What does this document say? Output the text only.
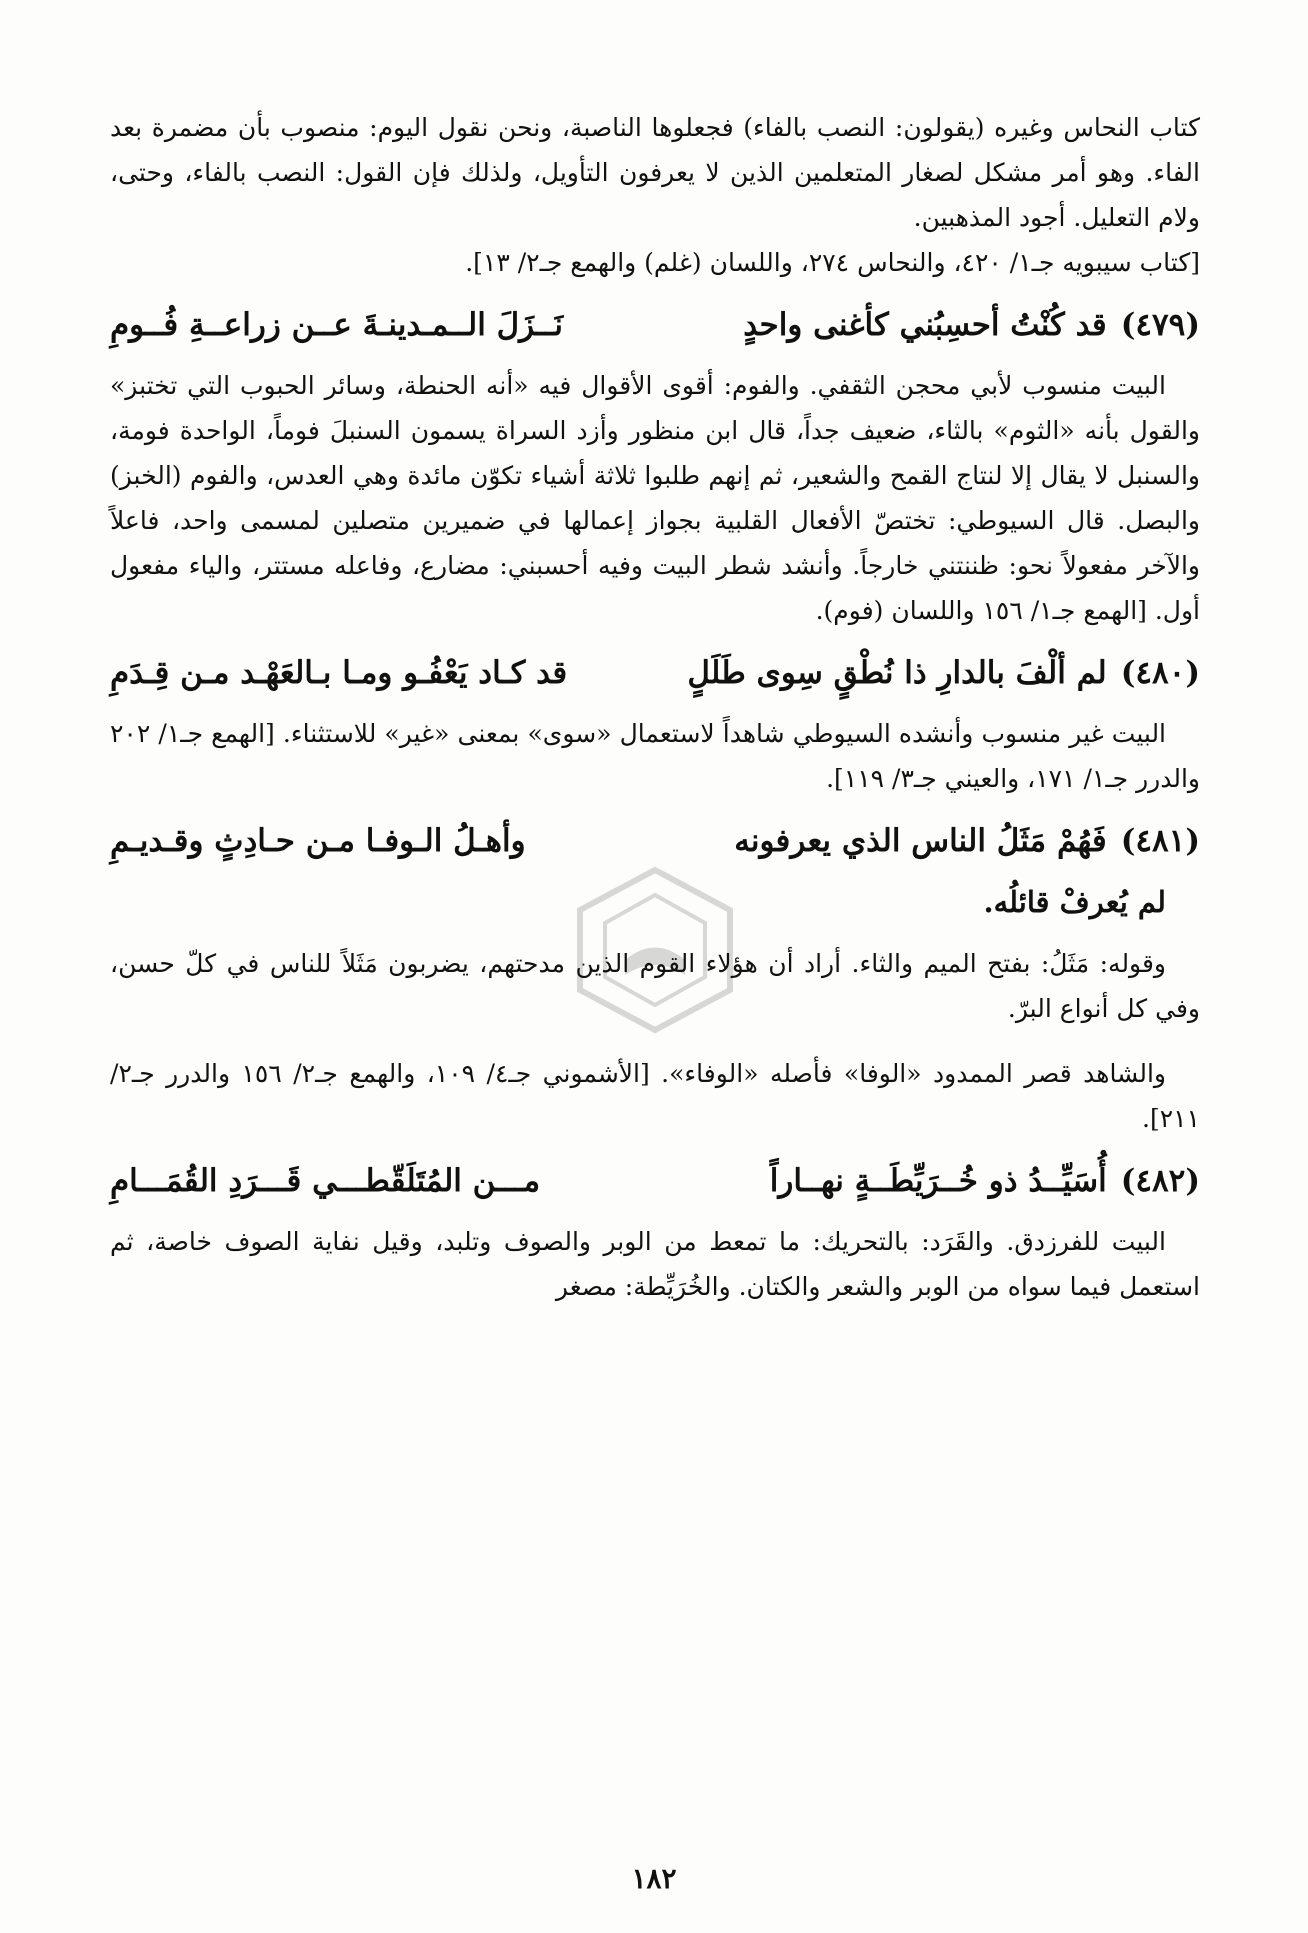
كتاب النحاس وغيره (يقولون: النصب بالفاء) فجعلوها الناصبة، ونحن نقول اليوم: منصوب بأن مضمرة بعد الفاء. وهو أمر مشكل لصغار المتعلمين الذين لا يعرفون التأويل، ولذلك فإن القول: النصب بالفاء، وحتى، ولام التعليل. أجود المذهبين.

[كتاب سيبويه جـ١/ ٤٢٠، والنحاس ٢٧٤، واللسان (غلم) والهمع جـ٢/ ١٣].

(٤٧٩)
قد كُنْتُ أحسِبُني كأغنى واحدٍ
نَــزَلَ الــمـدينـةَ عــن زراعــةِ فُــومِ

البيت منسوب لأبي محجن الثقفي. والفوم: أقوى الأقوال فيه «أنه الحنطة، وسائر الحبوب التي تختبز» والقول بأنه «الثوم» بالثاء، ضعيف جداً، قال ابن منظور وأزد السراة يسمون السنبلَ فوماً، الواحدة فومة، والسنبل لا يقال إلا لنتاج القمح والشعير، ثم إنهم طلبوا ثلاثة أشياء تكوّن مائدة وهي العدس، والفوم (الخبز) والبصل. قال السيوطي: تختصّ الأفعال القلبية بجواز إعمالها في ضميرين متصلين لمسمى واحد، فاعلاً والآخر مفعولاً نحو: ظننتني خارجاً. وأنشد شطر البيت وفيه أحسبني: مضارع، وفاعله مستتر، والياء مفعول أول. [الهمع جـ١/ ١٥٦ واللسان (فوم).

(٤٨٠)
لم ألْفَ بالدارِ ذا نُطْقٍ سِوى طَلَلٍ
قد كـاد يَعْفُـو ومـا بـالعَهْـد مـن قِـدَمِ

البيت غير منسوب وأنشده السيوطي شاهداً لاستعمال «سوى» بمعنى «غير» للاستثناء. [الهمع جـ١/ ٢٠٢ والدرر جـ١/ ١٧١، والعيني جـ٣/ ١١٩].

(٤٨١)
فَهُمْ مَثَلُ الناس الذي يعرفونه
وأهـلُ الـوفـا مـن حـادِثٍ وقـديـمِ
لم يُعرفْ قائلُه.

وقوله: مَثَلُ: بفتح الميم والثاء. أراد أن هؤلاء القوم الذين مدحتهم، يضربون مَثَلاً للناس في كلّ حسن، وفي كل أنواع البرّ.

والشاهد قصر الممدود «الوفا» فأصله «الوفاء». [الأشموني جـ٤/ ١٠٩، والهمع جـ٢/ ١٥٦ والدرر جـ٢/ ٢١١].

(٤٨٢)
أُسَيِّــدُ ذو خُــرَيِّطَــةٍ نهــاراً
مـــن المُتَلَقّطـــي قَـــرَدِ القُمَـــامِ

البيت للفرزدق. والقَرَد: بالتحريك: ما تمعط من الوبر والصوف وتلبد، وقيل نفاية الصوف خاصة، ثم استعمل فيما سواه من الوبر والشعر والكتان. والخُرَيِّطة: مصغر

١٨٢
